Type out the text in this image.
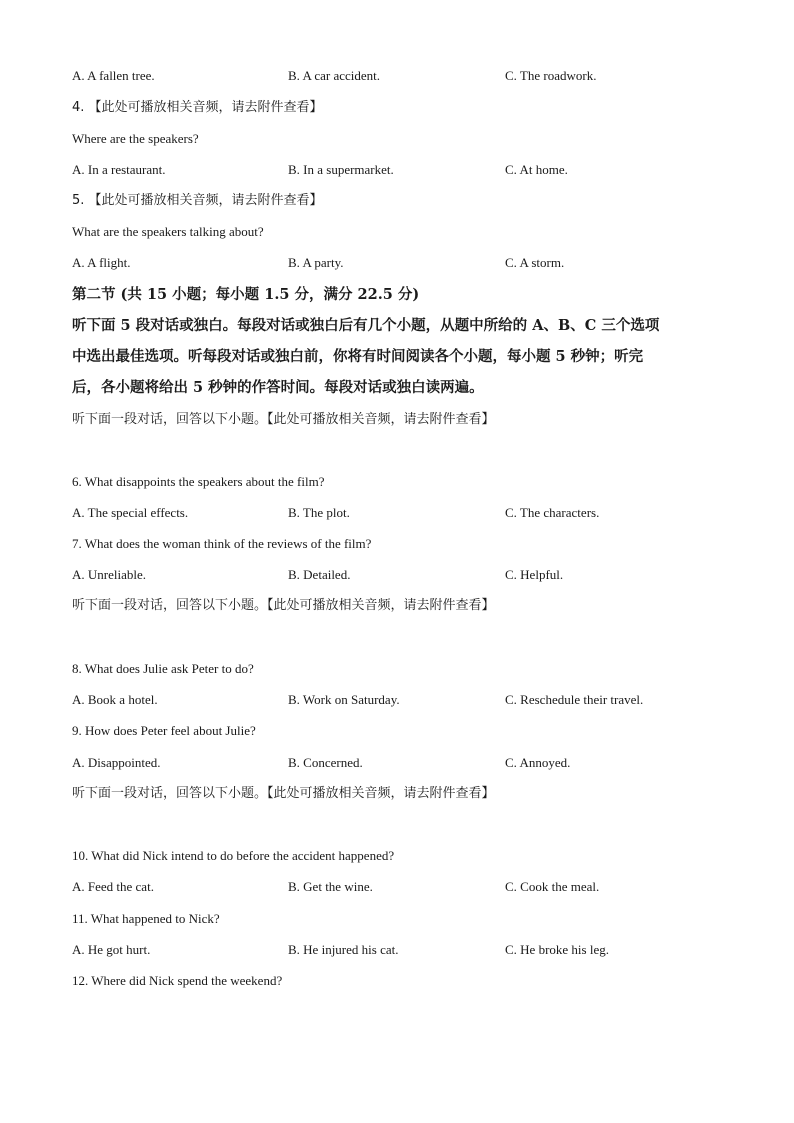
A. A fallen tree.	B. A car accident.	C. The roadwork.
4. 【此处可播放相关音频，请去附件查看】
Where are the speakers?
A. In a restaurant.	B. In a supermarket.	C. At home.
5. 【此处可播放相关音频，请去附件查看】
What are the speakers talking about?
A. A flight.	B. A party.	C. A storm.
第二节 (共 15 小题；每小题 1.5 分，满分 22.5 分)
听下面 5 段对话或独白。每段对话或独白后有几个小题，从题中所给的 A、B、C 三个选项
中选出最佳选项。听每段对话或独白前，你将有时间阅读各个小题，每小题 5 秒钟；听完
后，各小题将给出 5 秒钟的作答时间。每段对话或独白读两遍。
听下面一段对话，回答以下小题。【此处可播放相关音频，请去附件查看】
6. What disappoints the speakers about the film?
A. The special effects.	B. The plot.	C. The characters.
7. What does the woman think of the reviews of the film?
A. Unreliable.	B. Detailed.	C. Helpful.
听下面一段对话，回答以下小题。【此处可播放相关音频，请去附件查看】
8. What does Julie ask Peter to do?
A. Book a hotel.	B. Work on Saturday.	C. Reschedule their travel.
9. How does Peter feel about Julie?
A. Disappointed.	B. Concerned.	C. Annoyed.
听下面一段对话，回答以下小题。【此处可播放相关音频，请去附件查看】
10. What did Nick intend to do before the accident happened?
A. Feed the cat.	B. Get the wine.	C. Cook the meal.
11. What happened to Nick?
A. He got hurt.	B. He injured his cat.	C. He broke his leg.
12. Where did Nick spend the weekend?
